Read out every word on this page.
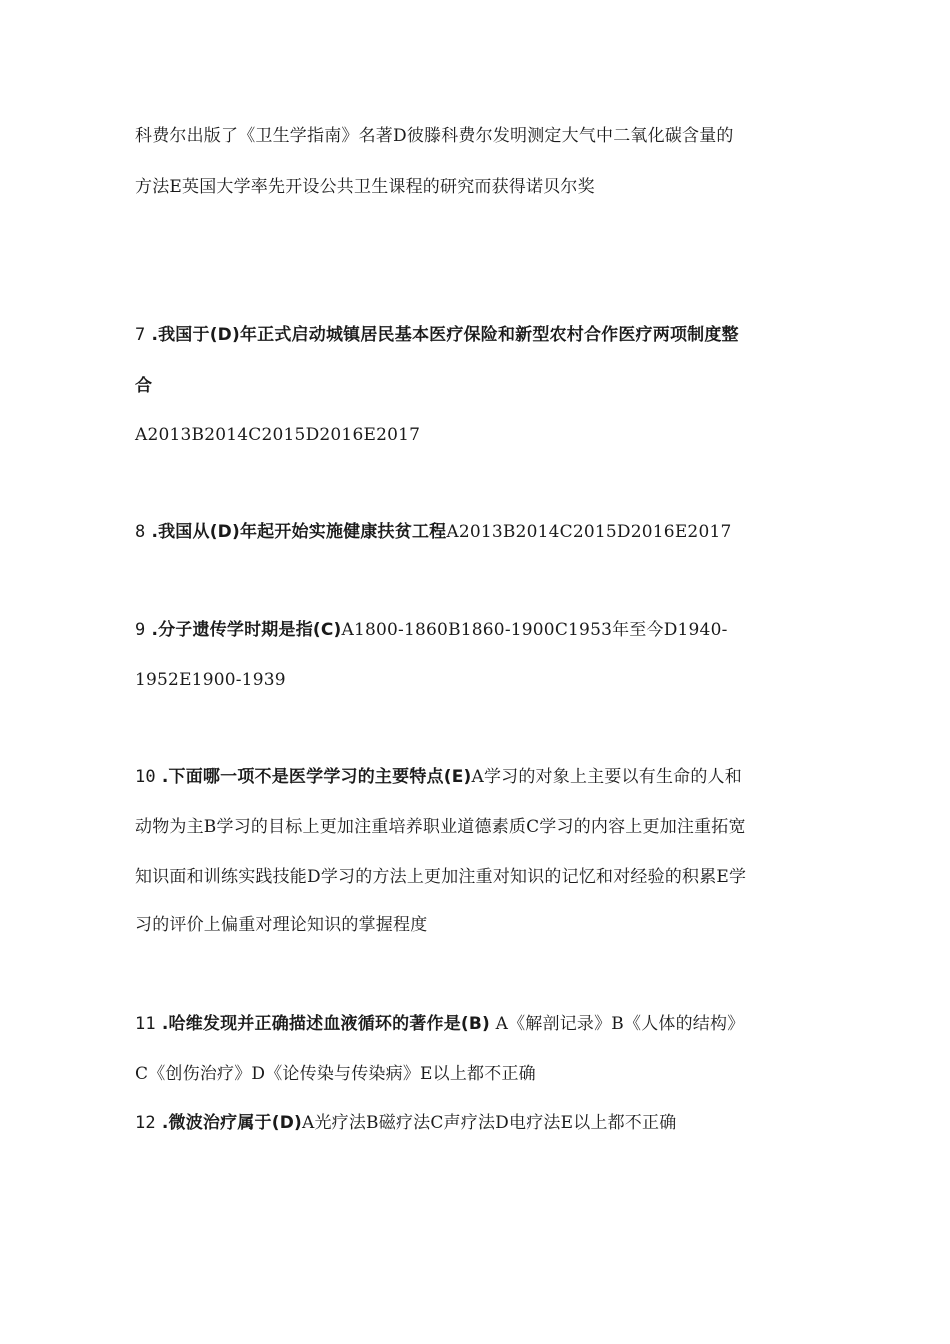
科费尔出版了《卫生学指南》名著D彼滕科费尔发明测定大气中二氧化碳含量的
方法E英国大学率先开设公共卫生课程的研究而获得诺贝尔奖
7 .我国于(D)年正式启动城镇居民基本医疗保险和新型农村合作医疗两项制度整
合
A2013B2014C2015D2016E2017
8 .我国从(D)年起开始实施健康扶贫工程A2013B2014C2015D2016E2017
9 .分子遗传学时期是指(C)A1800-1860B1860-1900C1953年至今D1940-
1952E1900-1939
10 .下面哪一项不是医学学习的主要特点(E)A学习的对象上主要以有生命的人和
动物为主B学习的目标上更加注重培养职业道德素质C学习的内容上更加注重拓宽
知识面和训练实践技能D学习的方法上更加注重对知识的记忆和对经验的积累E学
习的评价上偏重对理论知识的掌握程度
11 .哈维发现并正确描述血液循环的著作是(B) A《解剖记录》B《人体的结构》
C《创伤治疗》D《论传染与传染病》E以上都不正确
12 .微波治疗属于(D)A光疗法B磁疗法C声疗法D电疗法E以上都不正确
